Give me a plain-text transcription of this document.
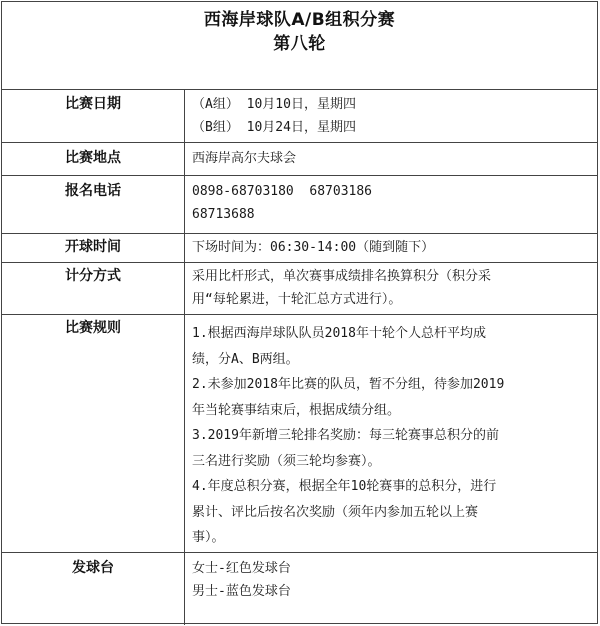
西海岸球队A/B组积分赛
第八轮
比赛日期	（A组） 10月10日，星期四
（B组） 10月24日，星期四
比赛地点	西海岸高尔夫球会
报名电话	0898-68703180  68703186
68713688
开球时间	下场时间为：06:30-14:00（随到随下）
计分方式	采用比杆形式，单次赛事成绩排名换算积分（积分采
用“每轮累进，十轮汇总方式进行）。
比赛规则	1.根据西海岸球队队员2018年十轮个人总杆平均成
绩，分A、B两组。
2.未参加2018年比赛的队员，暂不分组，待参加2019
年当轮赛事结束后，根据成绩分组。
3.2019年新增三轮排名奖励：每三轮赛事总积分的前
三名进行奖励（须三轮均参赛）。
4.年度总积分赛，根据全年10轮赛事的总积分，进行
累计、评比后按名次奖励（须年内参加五轮以上赛
事）。
发球台	女士-红色发球台
男士-蓝色发球台
